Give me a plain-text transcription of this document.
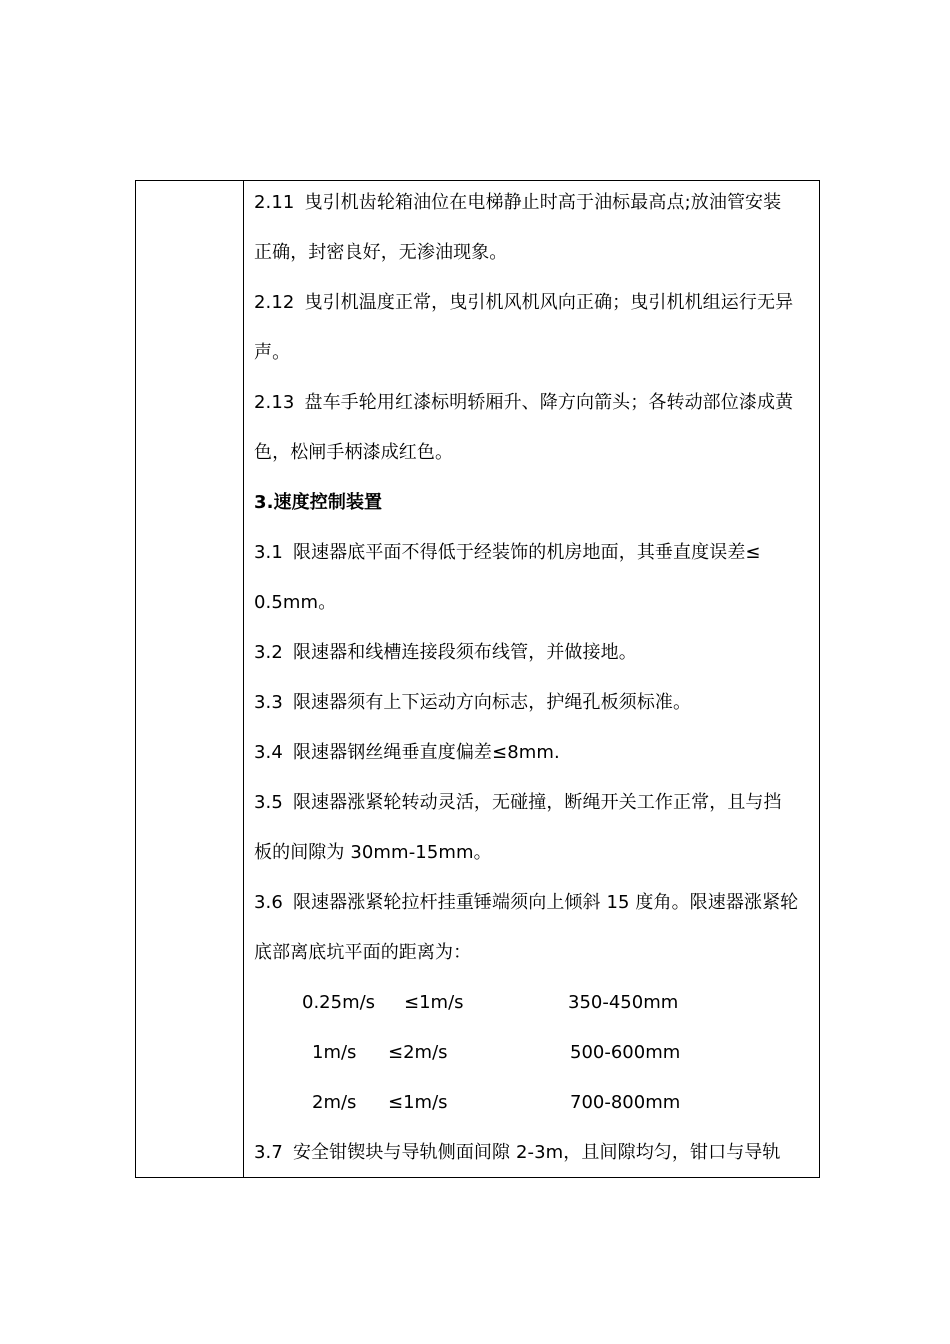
2.11 曳引机齿轮箱油位在电梯静止时高于油标最高点;放油管安装
正确，封密良好，无渗油现象。
2.12 曳引机温度正常，曳引机风机风向正确；曳引机机组运行无异
声。
2.13 盘车手轮用红漆标明轿厢升、降方向箭头；各转动部位漆成黄
色，松闸手柄漆成红色。
3.速度控制装置
3.1 限速器底平面不得低于经装饰的机房地面，其垂直度误差≤
0.5mm。
3.2 限速器和线槽连接段须布线管，并做接地。
3.3 限速器须有上下运动方向标志，护绳孔板须标准。
3.4 限速器钢丝绳垂直度偏差≤8mm.
3.5 限速器涨紧轮转动灵活，无碰撞，断绳开关工作正常，且与挡
板的间隙为 30mm-15mm。
3.6 限速器涨紧轮拉杆挂重锤端须向上倾斜 15 度角。限速器涨紧轮
底部离底坑平面的距离为：
0.25m/s ≤1m/s	350-450mm
1m/s ≤2m/s	500-600mm
2m/s ≤1m/s	700-800mm
3.7 安全钳锲块与导轨侧面间隙 2-3m，且间隙均匀，钳口与导轨
